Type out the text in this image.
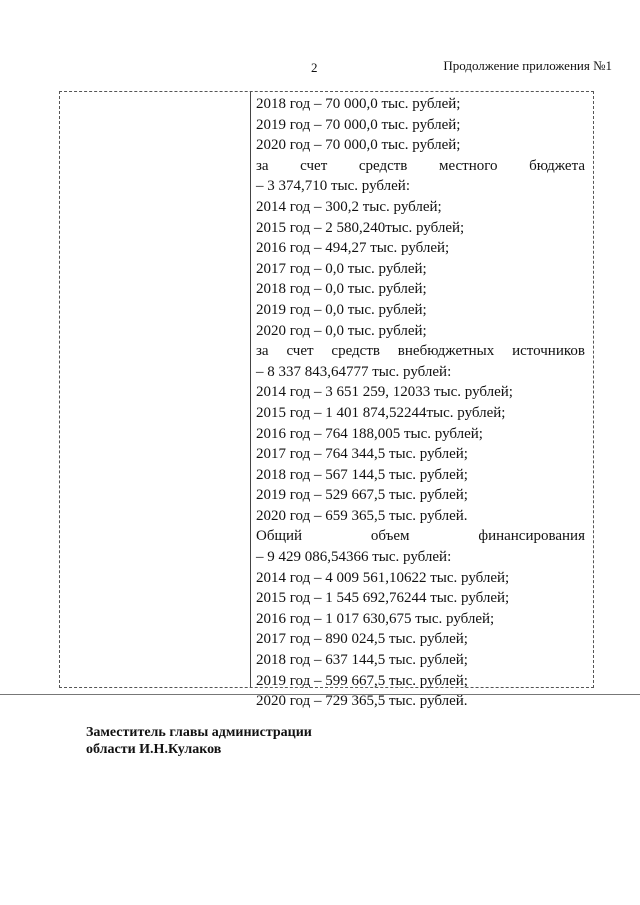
2	Продолжение приложения №1
2018 год – 70 000,0 тыс. рублей;
2019 год – 70 000,0 тыс. рублей;
2020 год – 70 000,0 тыс. рублей;
за счет средств местного бюджета
– 3 374,710 тыс. рублей:
2014 год – 300,2 тыс. рублей;
2015 год – 2 580,240тыс. рублей;
2016 год – 494,27 тыс. рублей;
2017 год – 0,0 тыс. рублей;
2018 год – 0,0 тыс. рублей;
2019 год – 0,0 тыс. рублей;
2020 год – 0,0 тыс. рублей;
за счет средств внебюджетных источников
– 8 337 843,64777 тыс. рублей:
2014 год – 3 651 259, 12033 тыс. рублей;
2015 год – 1 401 874,52244тыс. рублей;
2016 год – 764 188,005 тыс. рублей;
2017 год – 764 344,5 тыс. рублей;
2018 год – 567 144,5 тыс. рублей;
2019 год – 529 667,5 тыс. рублей;
2020 год – 659 365,5 тыс. рублей.
Общий	объем	финансирования
– 9 429 086,54366 тыс. рублей:
2014 год – 4 009 561,10622 тыс. рублей;
2015 год – 1 545 692,76244 тыс. рублей;
2016 год – 1 017 630,675 тыс. рублей;
2017 год – 890 024,5 тыс. рублей;
2018 год – 637 144,5 тыс. рублей;
2019 год – 599 667,5 тыс. рублей;
2020 год – 729 365,5 тыс. рублей.
Заместитель главы администрации
области И.Н.Кулаков
